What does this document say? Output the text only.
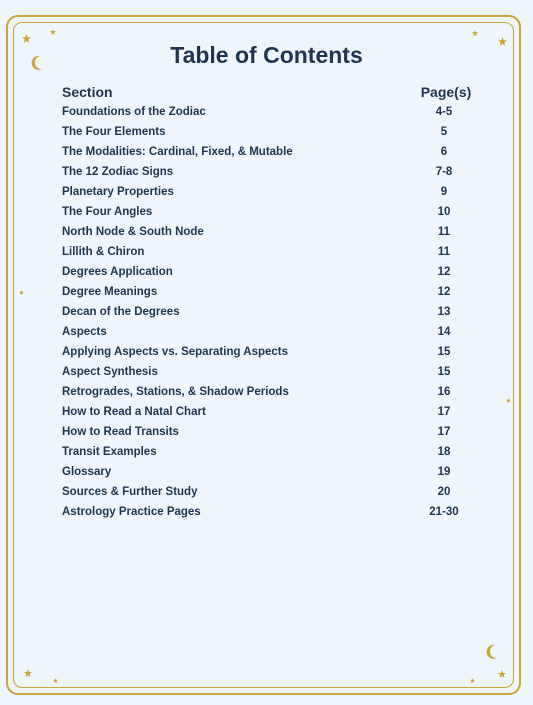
Table of Contents
Section	Page(s)
Foundations of the Zodiac	4-5
The Four Elements	5
The Modalities: Cardinal, Fixed, & Mutable	6
The 12 Zodiac Signs	7-8
Planetary Properties	9
The Four Angles	10
North Node & South Node	11
Lillith & Chiron	11
Degrees Application	12
Degree Meanings	12
Decan of the Degrees	13
Aspects	14
Applying Aspects vs. Separating Aspects	15
Aspect Synthesis	15
Retrogrades, Stations, & Shadow Periods	16
How to Read a Natal Chart	17
How to Read Transits	17
Transit Examples	18
Glossary	19
Sources & Further Study	20
Astrology Practice Pages	21-30
